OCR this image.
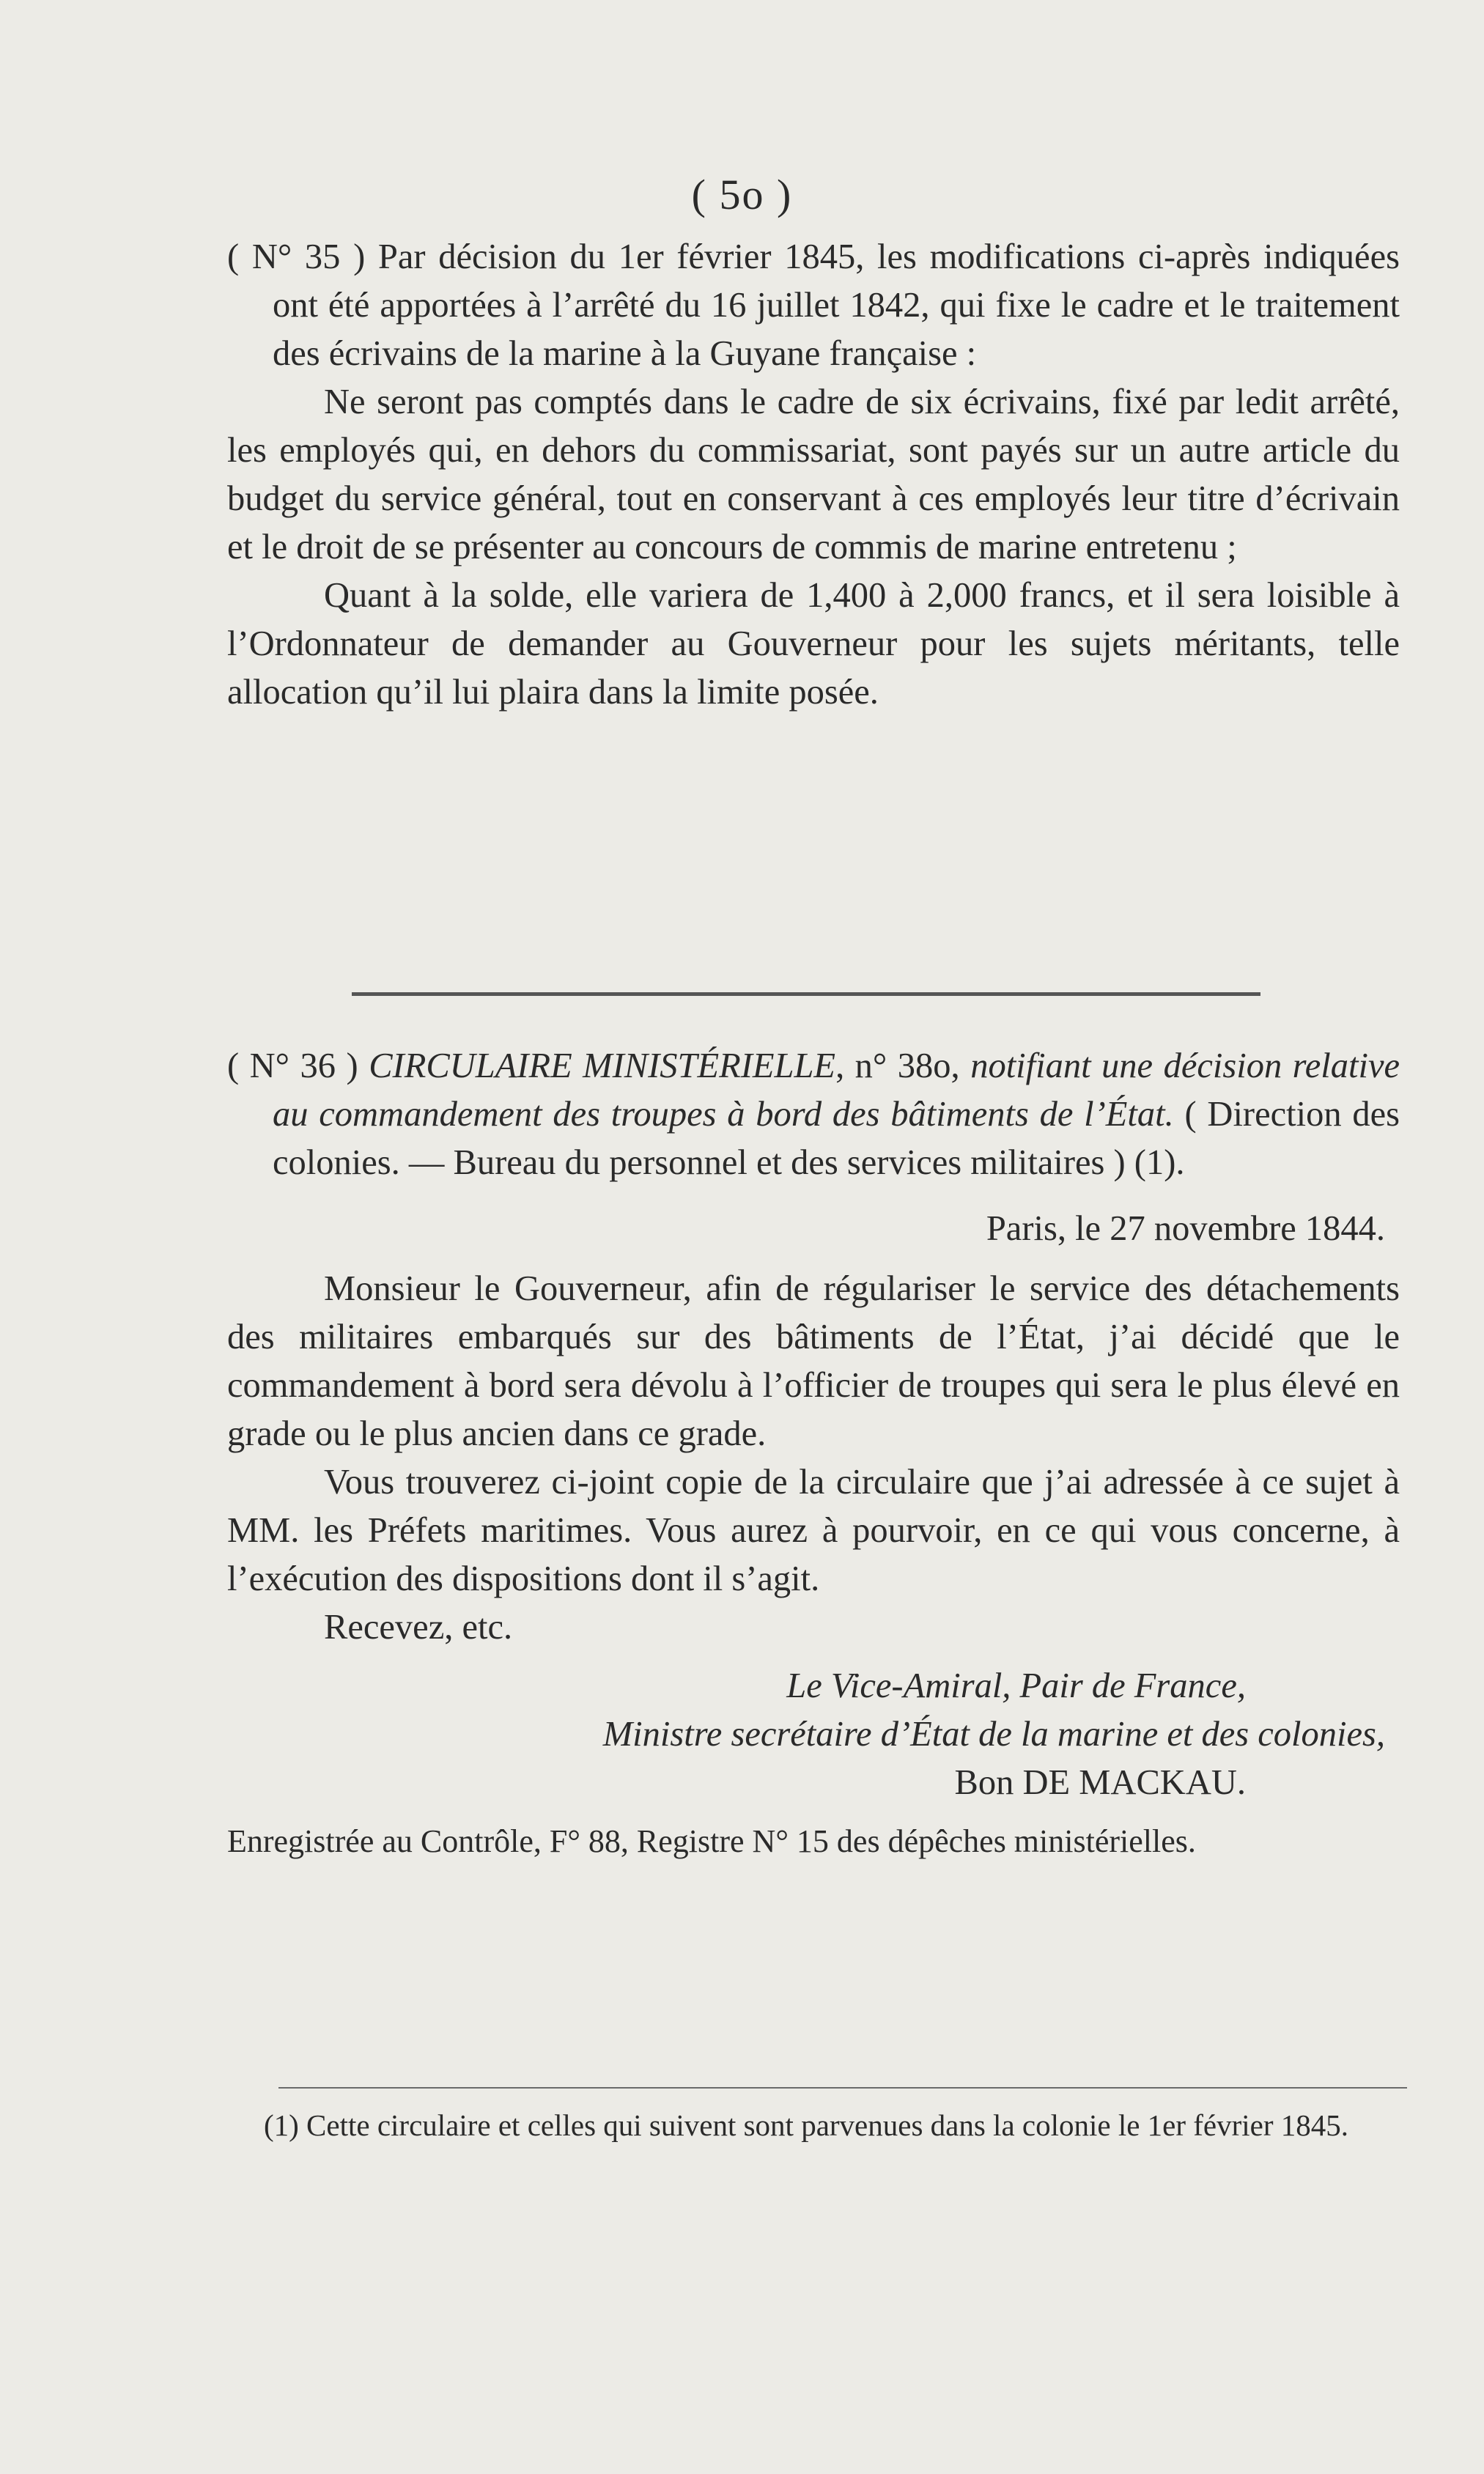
( 5o )

( N° 35 ) Par décision du 1er février 1845, les modifications ci-après indiquées ont été apportées à l’arrêté du 16 juillet 1842, qui fixe le cadre et le traitement des écrivains de la marine à la Guyane française :

Ne seront pas comptés dans le cadre de six écrivains, fixé par ledit arrêté, les employés qui, en dehors du commissariat, sont payés sur un autre article du budget du service général, tout en conservant à ces employés leur titre d’écrivain et le droit de se présenter au concours de commis de marine entretenu ;

Quant à la solde, elle variera de 1,400 à 2,000 francs, et il sera loisible à l’Ordonnateur de demander au Gouverneur pour les sujets méritants, telle allocation qu’il lui plaira dans la limite posée.

( N° 36 ) CIRCULAIRE MINISTÉRIELLE, n° 38o, notifiant une décision relative au commandement des troupes à bord des bâtiments de l’État. ( Direction des colonies. — Bureau du personnel et des services militaires ) (1).

Paris, le 27 novembre 1844.

Monsieur le Gouverneur, afin de régulariser le service des détachements des militaires embarqués sur des bâtiments de l’État, j’ai décidé que le commandement à bord sera dévolu à l’officier de troupes qui sera le plus élevé en grade ou le plus ancien dans ce grade.

Vous trouverez ci-joint copie de la circulaire que j’ai adressée à ce sujet à MM. les Préfets maritimes. Vous aurez à pourvoir, en ce qui vous concerne, à l’exécution des dispositions dont il s’agit.

Recevez, etc.

Le Vice-Amiral, Pair de France,

Ministre secrétaire d’État de la marine et des colonies,

Bon DE MACKAU.

Enregistrée au Contrôle, F° 88, Registre N° 15 des dépêches ministérielles.

(1) Cette circulaire et celles qui suivent sont parvenues dans la colonie le 1er février 1845.
